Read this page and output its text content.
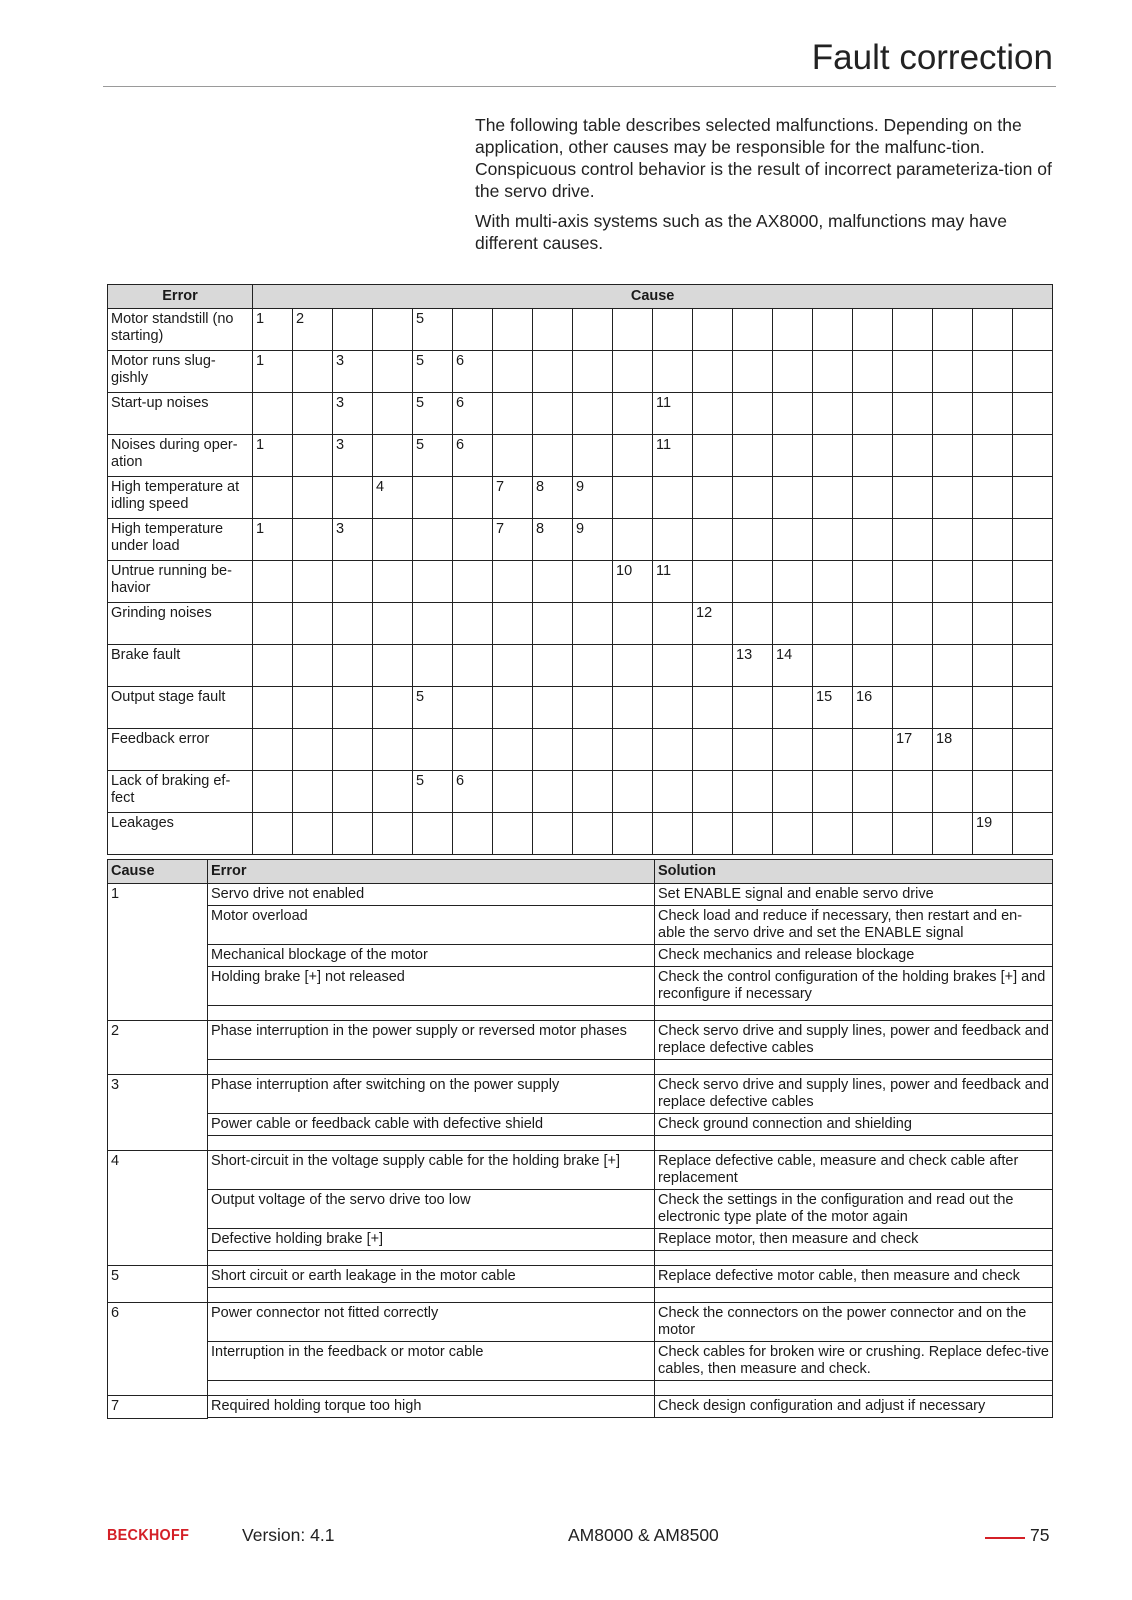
Fault correction

The following table describes selected malfunctions. Depending on the application, other causes may be responsible for the malfunc-tion.

Conspicuous control behavior is the result of incorrect parameteriza-tion of the servo drive.

With multi-axis systems such as the AX8000, malfunctions may have different causes.

Error	Cause																			
Motor standstill (no starting)	1	2			5															
Motor runs slug-gishly	1		3		5	6														
Start-up noises			3		5	6					11									
Noises during oper-ation	1		3		5	6					11									
High temperature at idling speed				4			7	8	9											
High temperature under load	1		3				7	8	9											
Untrue running be-havior										10	11									
Grinding noises												12								
Brake fault													13	14						
Output stage fault					5										15	16				
Feedback error																	17	18		
Lack of braking ef-fect					5	6														
Leakages																			19	
Cause	Error	Solution
1	Servo drive not enabled	Set ENABLE signal and enable servo drive
	Motor overload	Check load and reduce if necessary, then restart and en-able the servo drive and set the ENABLE signal
	Mechanical blockage of the motor	Check mechanics and release blockage
	Holding brake [+] not released	Check the control configuration of the holding brakes [+] and reconfigure if necessary

2	Phase interruption in the power supply or reversed motor phases	Check servo drive and supply lines, power and feedback and replace defective cables

3	Phase interruption after switching on the power supply	Check servo drive and supply lines, power and feedback and replace defective cables
	Power cable or feedback cable with defective shield	Check ground connection and shielding

4	Short-circuit in the voltage supply cable for the holding brake [+]	Replace defective cable, measure and check cable after replacement
	Output voltage of the servo drive too low	Check the settings in the configuration and read out the electronic type plate of the motor again
	Defective holding brake [+]	Replace motor, then measure and check

5	Short circuit or earth leakage in the motor cable	Replace defective motor cable, then measure and check

6	Power connector not fitted correctly	Check the connectors on the power connector and on the motor
	Interruption in the feedback or motor cable	Check cables for broken wire or crushing. Replace defec-tive cables, then measure and check.

7	Required holding torque too high	Check design configuration and adjust if necessary

BECKHOFF	Version: 4.1	AM8000 & AM8500	75
